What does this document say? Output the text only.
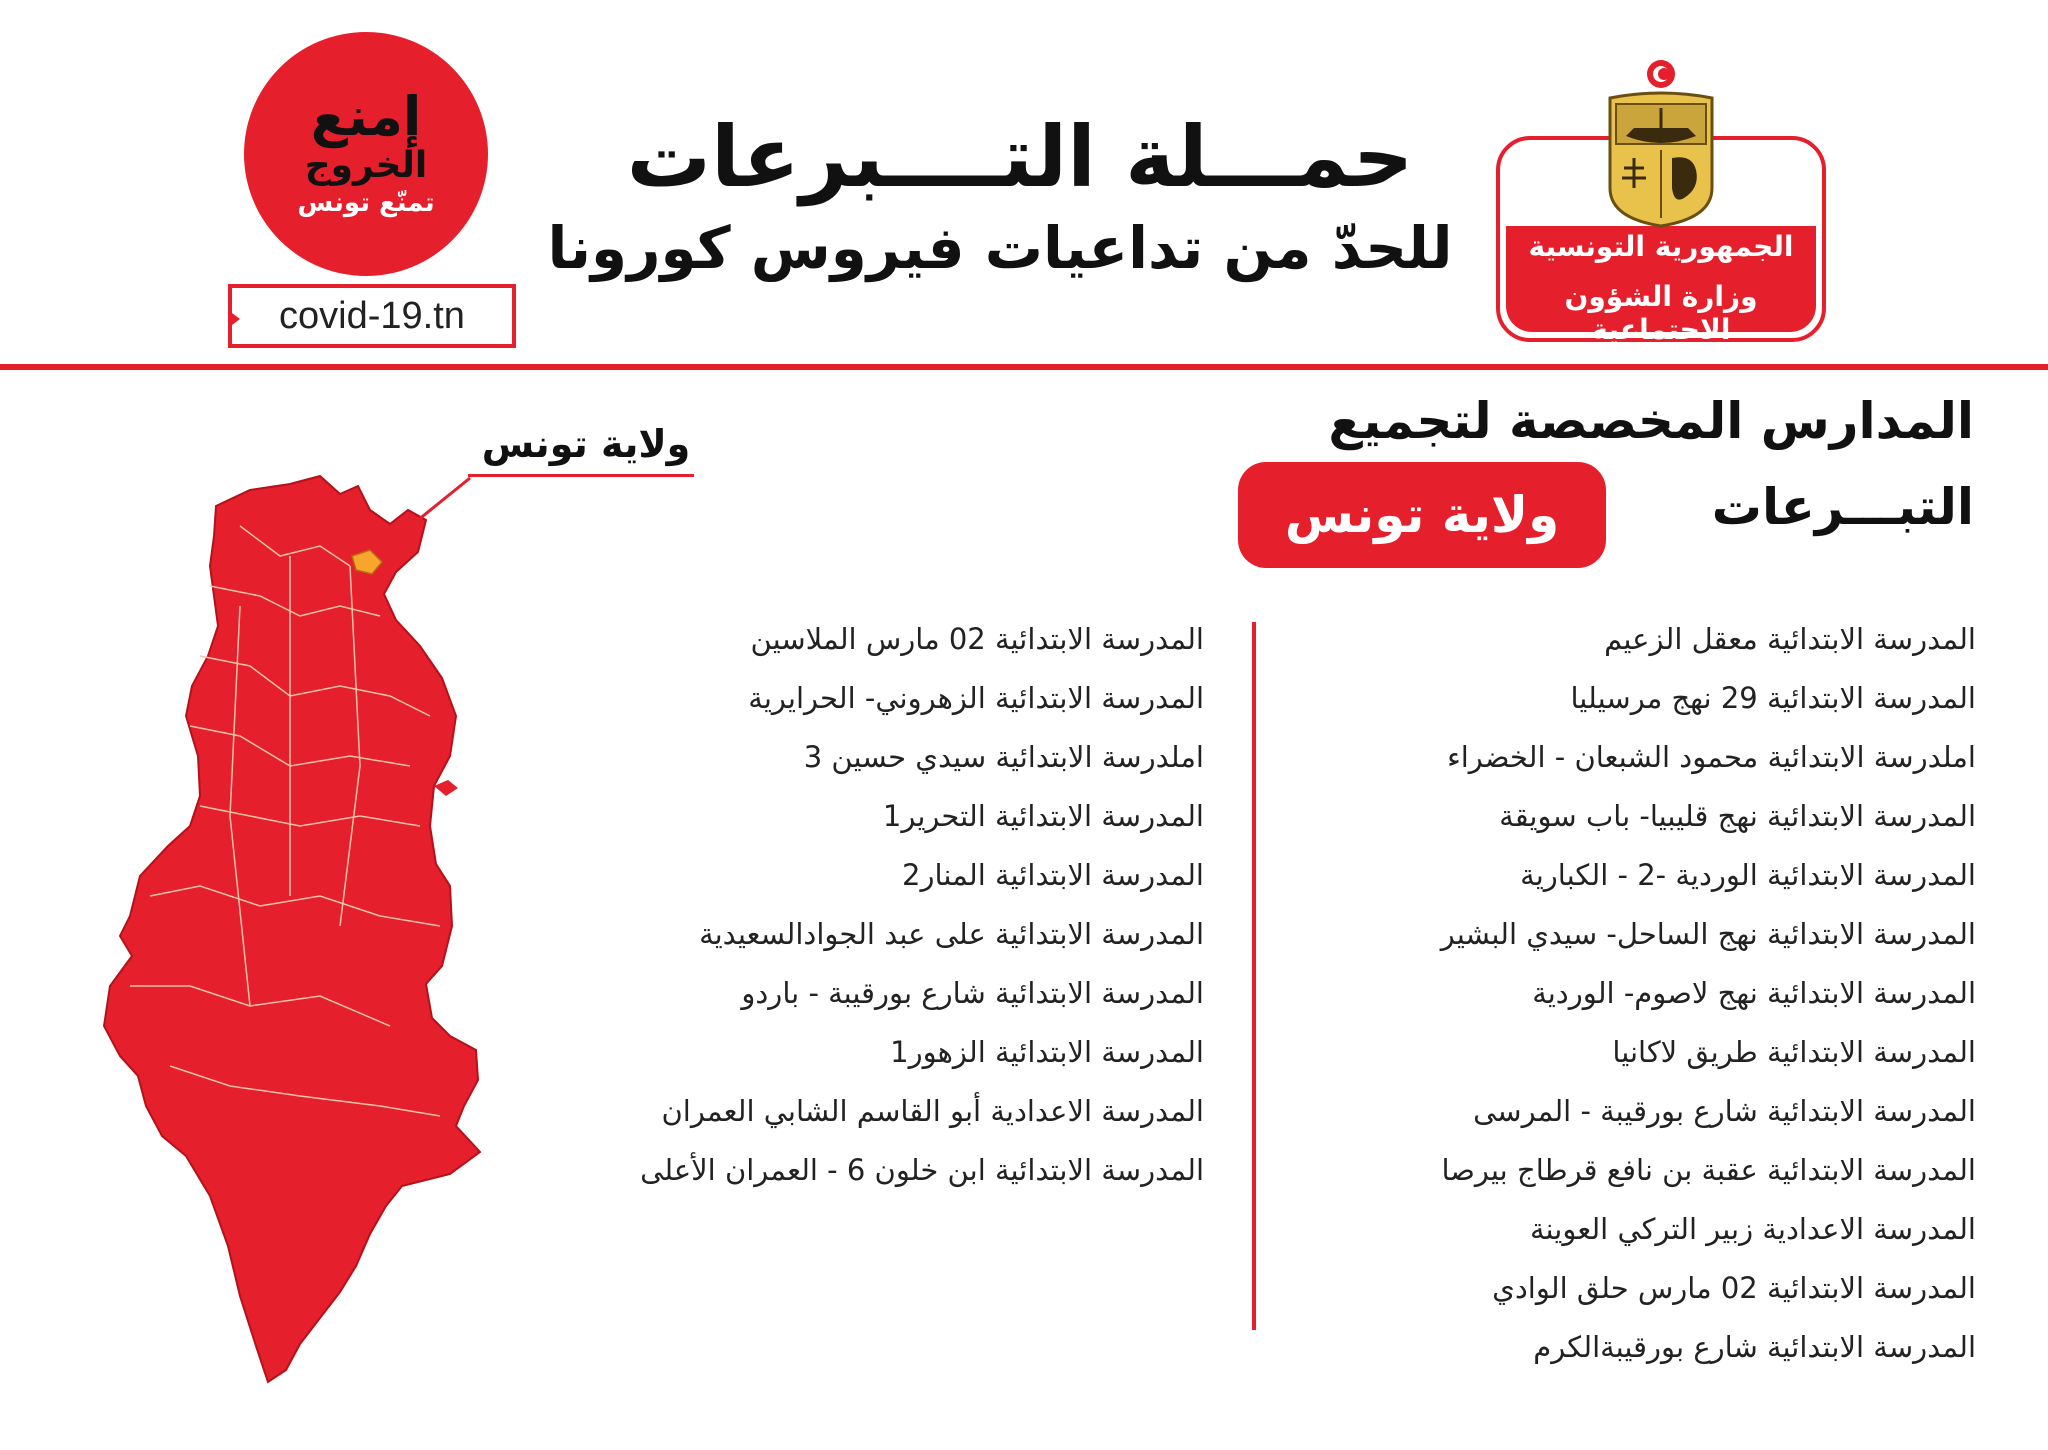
إمنع
الخروج
تمنّع تونس
covid-19.tn
حمـــلة التــــبرعات
للحدّ من تداعيات فيروس كورونا	الجمهورية التونسية
وزارة الشؤون الاجتماعية
المدارس المخصصة لتجميع
التبـــرعات
ولاية تونس
ولاية تونس
المدرسة الابتدائية معقل الزعيم
المدرسة الابتدائية 29 نهج مرسيليا
املدرسة الابتدائية محمود الشبعان - الخضراء
المدرسة الابتدائية نهج قليبيا- باب سويقة
المدرسة الابتدائية الوردية -2 - الكبارية
المدرسة الابتدائية نهج الساحل- سيدي البشير
المدرسة الابتدائية نهج لاصوم- الوردية
المدرسة الابتدائية طريق لاكانيا
المدرسة الابتدائية شارع بورقيبة - المرسى
المدرسة الابتدائية عقبة بن نافع قرطاج بيرصا
المدرسة الاعدادية زبير التركي العوينة
المدرسة الابتدائية 02 مارس حلق الوادي
المدرسة الابتدائية شارع بورقيبةالكرم
المدرسة الابتدائية 02 مارس الملاسين
المدرسة الابتدائية الزهروني- الحرايرية
املدرسة الابتدائية سيدي حسين 3
المدرسة الابتدائية التحرير1
المدرسة الابتدائية المنار2
المدرسة الابتدائية على عبد الجوادالسعيدية
المدرسة الابتدائية شارع بورقيبة - باردو
المدرسة الابتدائية الزهور1
المدرسة الاعدادية أبو القاسم الشابي العمران
المدرسة الابتدائية ابن خلون 6 - العمران الأعلى
